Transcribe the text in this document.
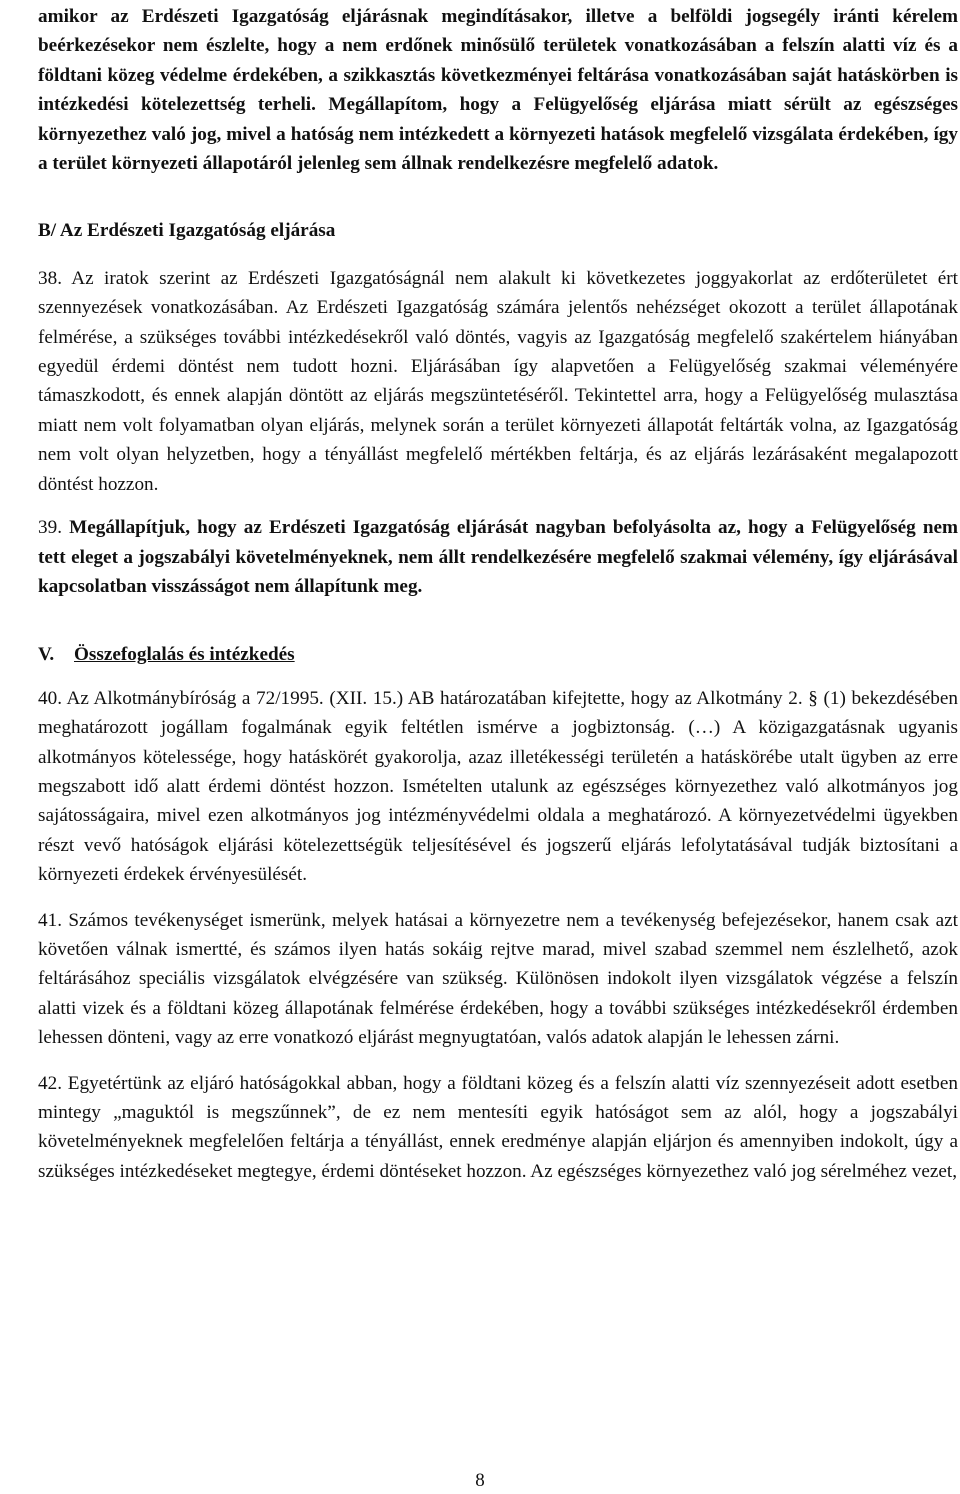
amikor az Erdészeti Igazgatóság eljárásnak megindításakor, illetve a belföldi jogsegély iránti kérelem beérkezésekor nem észlelte, hogy a nem erdőnek minősülő területek vonatkozásában a felszín alatti víz és a földtani közeg védelme érdekében, a szikkasztás következményei feltárása vonatkozásában saját hatáskörben is intézkedési kötelezettség terheli. Megállapítom, hogy a Felügyelőség eljárása miatt sérült az egészséges környezethez való jog, mivel a hatóság nem intézkedett a környezeti hatások megfelelő vizsgálata érdekében, így a terület környezeti állapotáról jelenleg sem állnak rendelkezésre megfelelő adatok.

B/ Az Erdészeti Igazgatóság eljárása

38. Az iratok szerint az Erdészeti Igazgatóságnál nem alakult ki következetes joggyakorlat az erdőterületet ért szennyezések vonatkozásában. Az Erdészeti Igazgatóság számára jelentős nehézséget okozott a terület állapotának felmérése, a szükséges további intézkedésekről való döntés, vagyis az Igazgatóság megfelelő szakértelem hiányában egyedül érdemi döntést nem tudott hozni. Eljárásában így alapvetően a Felügyelőség szakmai véleményére támaszkodott, és ennek alapján döntött az eljárás megszüntetéséről. Tekintettel arra, hogy a Felügyelőség mulasztása miatt nem volt folyamatban olyan eljárás, melynek során a terület környezeti állapotát feltárták volna, az Igazgatóság nem volt olyan helyzetben, hogy a tényállást megfelelő mértékben feltárja, és az eljárás lezárásaként megalapozott döntést hozzon.

39. Megállapítjuk, hogy az Erdészeti Igazgatóság eljárását nagyban befolyásolta az, hogy a Felügyelőség nem tett eleget a jogszabályi követelményeknek, nem állt rendelkezésére megfelelő szakmai vélemény, így eljárásával kapcsolatban visszásságot nem állapítunk meg.

V.	Összefoglalás és intézkedés

40. Az Alkotmánybíróság a 72/1995. (XII. 15.) AB határozatában kifejtette, hogy az Alkotmány 2. § (1) bekezdésében meghatározott jogállam fogalmának egyik feltétlen ismérve a jogbiztonság. (…) A közigazgatásnak ugyanis alkotmányos kötelessége, hogy hatáskörét gyakorolja, azaz illetékességi területén a hatáskörébe utalt ügyben az erre megszabott idő alatt érdemi döntést hozzon. Ismételten utalunk az egészséges környezethez való alkotmányos jog sajátosságaira, mivel ezen alkotmányos jog intézményvédelmi oldala a meghatározó. A környezetvédelmi ügyekben részt vevő hatóságok eljárási kötelezettségük teljesítésével és jogszerű eljárás lefolytatásával tudják biztosítani a környezeti érdekek érvényesülését.

41. Számos tevékenységet ismerünk, melyek hatásai a környezetre nem a tevékenység befejezésekor, hanem csak azt követően válnak ismertté, és számos ilyen hatás sokáig rejtve marad, mivel szabad szemmel nem észlelhető, azok feltárásához speciális vizsgálatok elvégzésére van szükség. Különösen indokolt ilyen vizsgálatok végzése a felszín alatti vizek és a földtani közeg állapotának felmérése érdekében, hogy a további szükséges intézkedésekről érdemben lehessen dönteni, vagy az erre vonatkozó eljárást megnyugtatóan, valós adatok alapján le lehessen zárni.

42. Egyetértünk az eljáró hatóságokkal abban, hogy a földtani közeg és a felszín alatti víz szennyezéseit adott esetben mintegy „maguktól is megszűnnek”, de ez nem mentesíti egyik hatóságot sem az alól, hogy a jogszabályi követelményeknek megfelelően feltárja a tényállást, ennek eredménye alapján eljárjon és amennyiben indokolt, úgy a szükséges intézkedéseket megtegye, érdemi döntéseket hozzon. Az egészséges környezethez való jog sérelméhez vezet,

8
